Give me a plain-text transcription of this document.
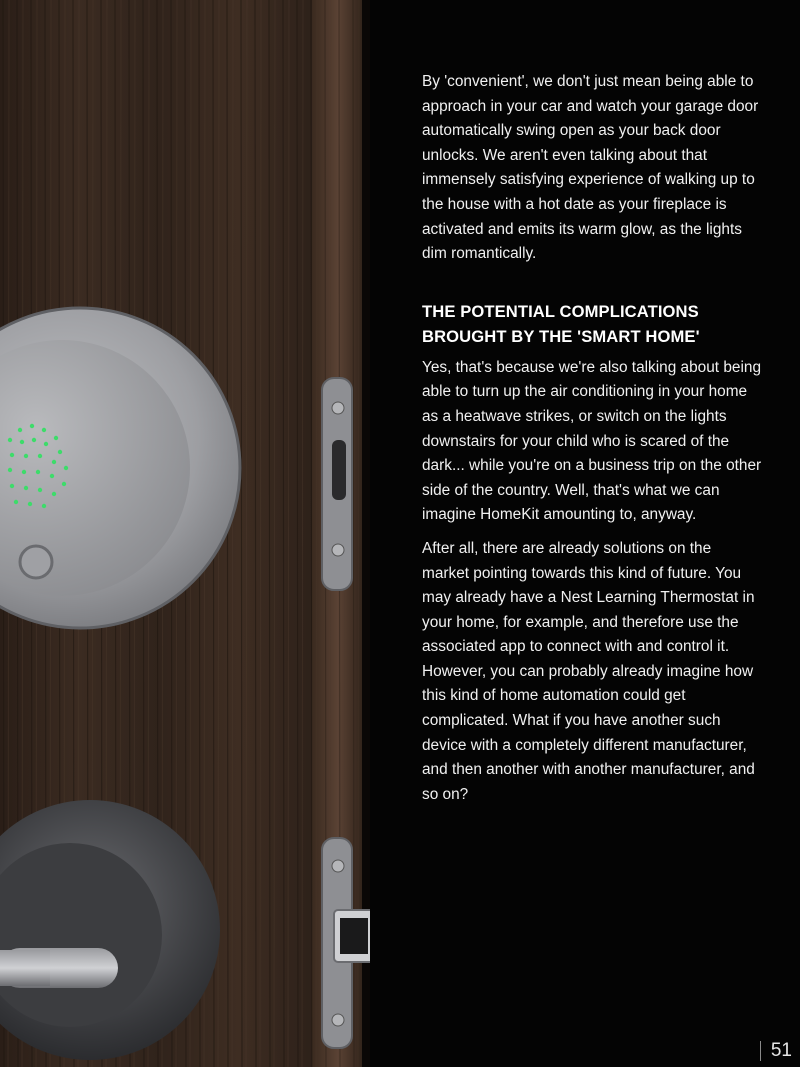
By 'convenient', we don't just mean being able to approach in your car and watch your garage door automatically swing open as your back door unlocks. We aren't even talking about that immensely satisfying experience of walking up to the house with a hot date as your fireplace is activated and emits its warm glow, as the lights dim romantically.

THE POTENTIAL COMPLICATIONS BROUGHT BY THE 'SMART HOME'

Yes, that's because we're also talking about being able to turn up the air conditioning in your home as a heatwave strikes, or switch on the lights downstairs for your child who is scared of the dark... while you're on a business trip on the other side of the country. Well, that's what we can imagine HomeKit amounting to, anyway.

After all, there are already solutions on the market pointing towards this kind of future. You may already have a Nest Learning Thermostat in your home, for example, and therefore use the associated app to connect with and control it. However, you can probably already imagine how this kind of home automation could get complicated. What if you have another such device with a completely different manufacturer, and then another with another manufacturer, and so on?

51
